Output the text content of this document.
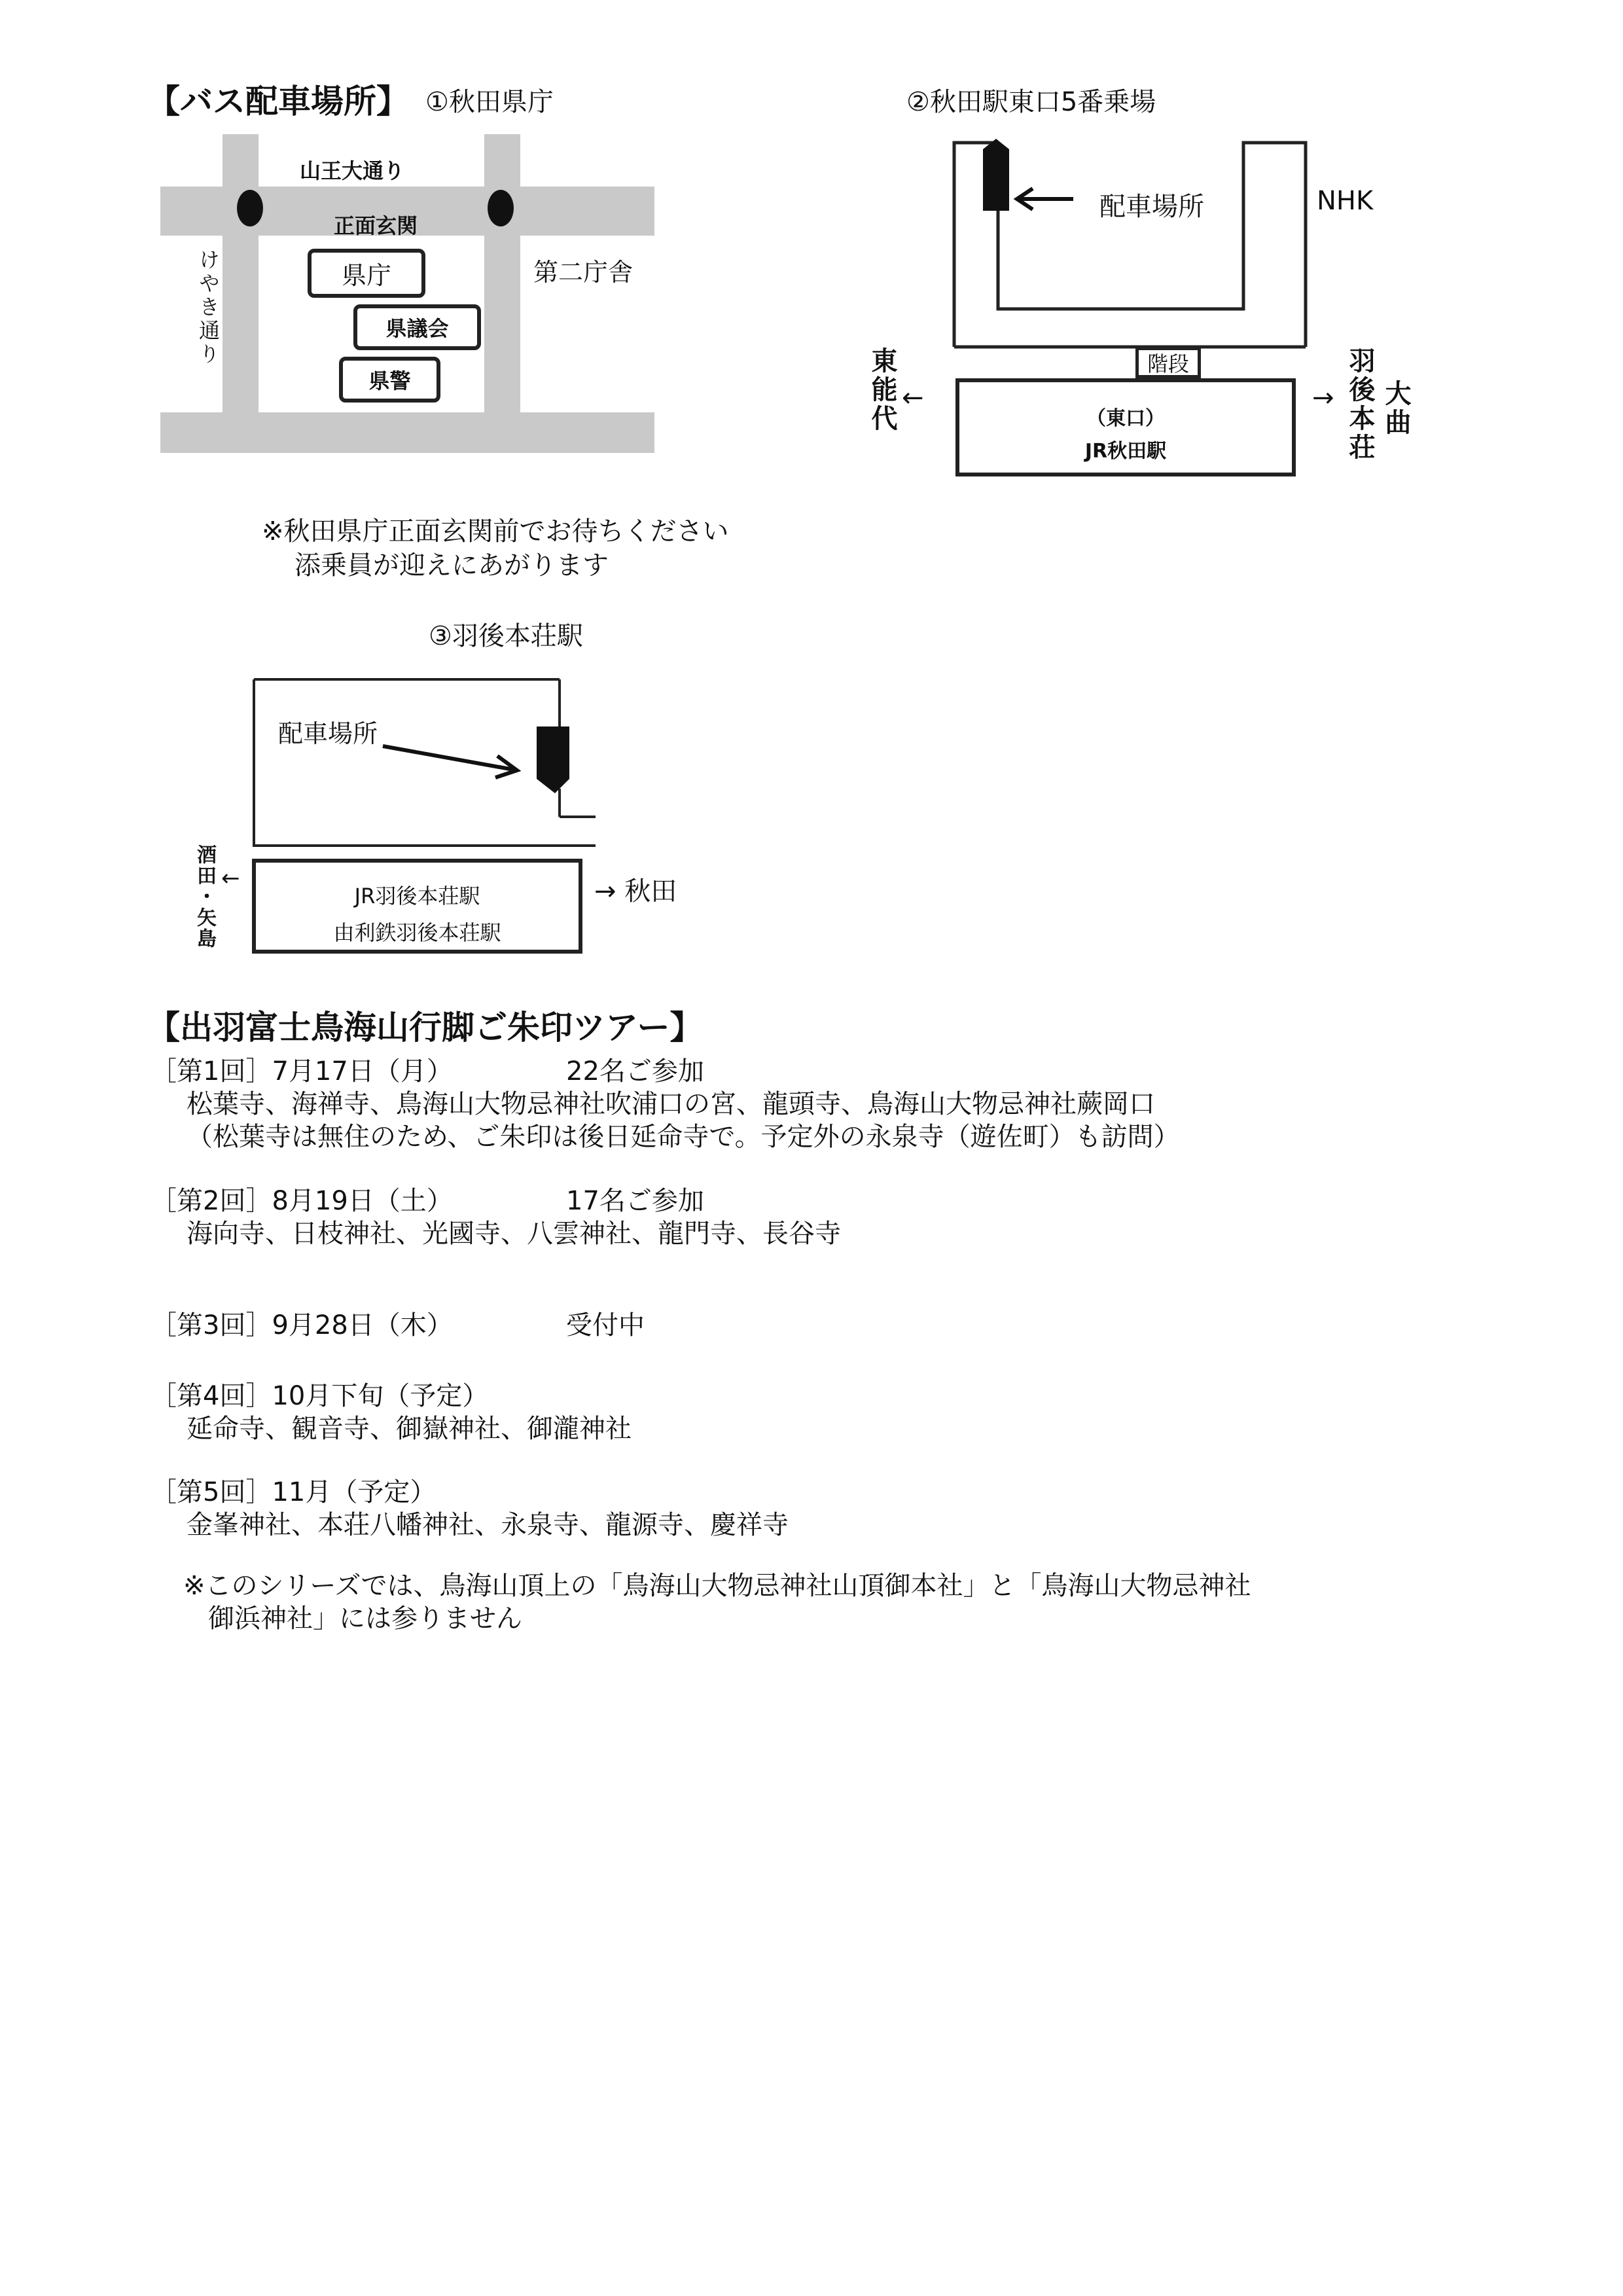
【バス配車場所】 ①秋田県庁	②秋田駅東口5番乗場
山王大通り
正面玄関
けやき通り	県庁
県議会
県警
第二庁舎
※秋田県庁正面玄関前でお待ちください
添乗員が迎えにあがります
配車場所	NHK
階段
（東口）
JR秋田駅
東能代 ←	→ 羽後本荘 大曲
③羽後本荘駅
配車場所
JR羽後本荘駅
由利鉄羽後本荘駅
酒田・矢島 ←	→ 秋田
【出羽富士鳥海山行脚ご朱印ツアー】
［第1回］7月17日（月）	22名ご参加
松葉寺、海禅寺、鳥海山大物忌神社吹浦口の宮、龍頭寺、鳥海山大物忌神社蕨岡口
（松葉寺は無住のため、ご朱印は後日延命寺で。予定外の永泉寺（遊佐町）も訪問）
［第2回］8月19日（土）	17名ご参加
海向寺、日枝神社、光國寺、八雲神社、龍門寺、長谷寺
［第3回］9月28日（木）	受付中
［第4回］10月下旬（予定）
延命寺、観音寺、御嶽神社、御瀧神社
［第5回］11月（予定）
金峯神社、本荘八幡神社、永泉寺、龍源寺、慶祥寺
※このシリーズでは、鳥海山頂上の「鳥海山大物忌神社山頂御本社」と「鳥海山大物忌神社
御浜神社」には参りません
